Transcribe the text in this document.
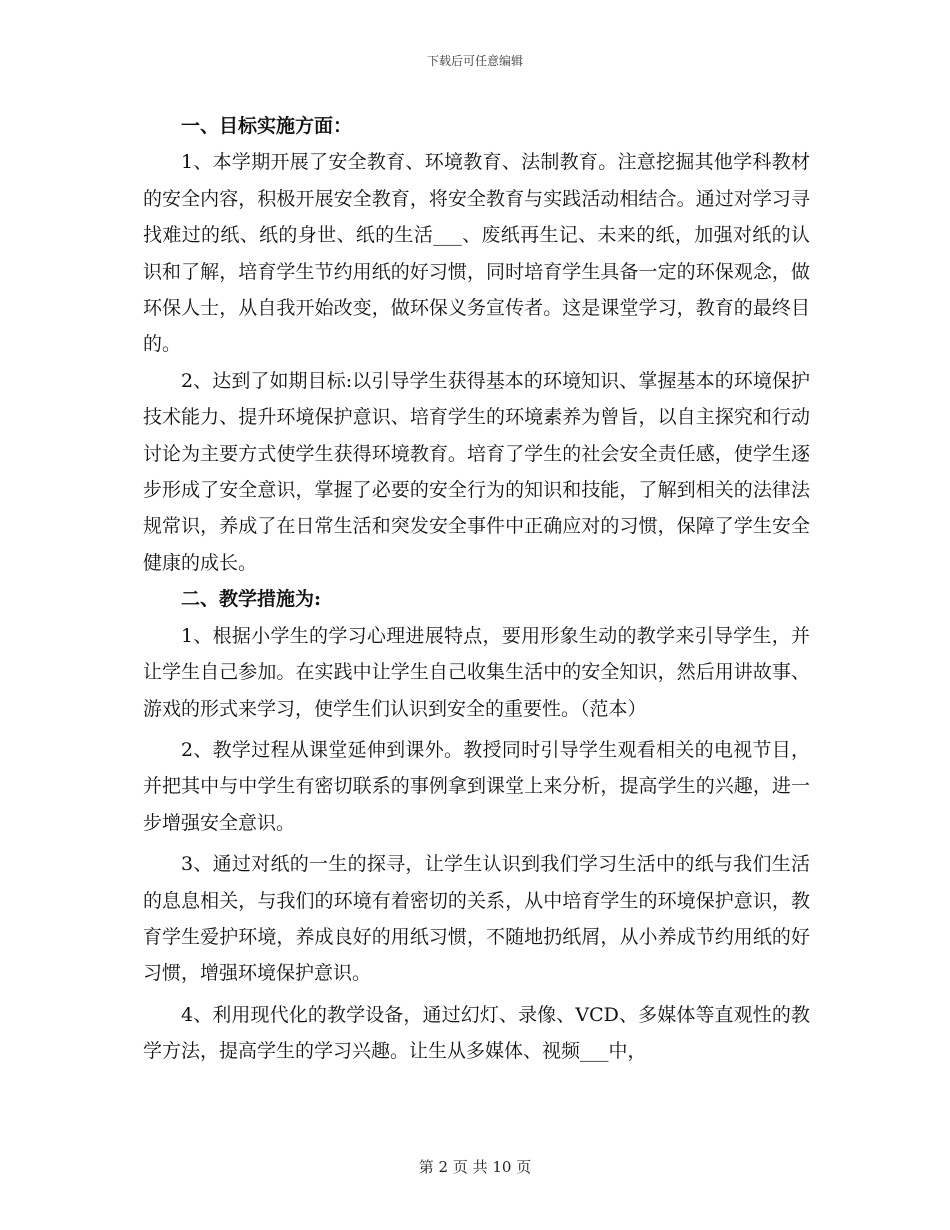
下载后可任意编辑

一、目标实施方面：

1、本学期开展了安全教育、环境教育、法制教育。注意挖掘其他学科教材的安全内容，积极开展安全教育，将安全教育与实践活动相结合。通过对学习寻找难过的纸、纸的身世、纸的生活___、废纸再生记、未来的纸，加强对纸的认识和了解，培育学生节约用纸的好习惯，同时培育学生具备一定的环保观念，做环保人士，从自我开始改变，做环保义务宣传者。这是课堂学习，教育的最终目的。

2、达到了如期目标:以引导学生获得基本的环境知识、掌握基本的环境保护技术能力、提升环境保护意识、培育学生的环境素养为曾旨，以自主探究和行动讨论为主要方式使学生获得环境教育。培育了学生的社会安全责任感，使学生逐步形成了安全意识，掌握了必要的安全行为的知识和技能，了解到相关的法律法规常识，养成了在日常生活和突发安全事件中正确应对的习惯，保障了学生安全健康的成长。

二、教学措施为:

1、根据小学生的学习心理进展特点，要用形象生动的教学来引导学生，并让学生自己参加。在实践中让学生自己收集生活中的安全知识，然后用讲故事、游戏的形式来学习，使学生们认识到安全的重要性。（范本）

2、教学过程从课堂延伸到课外。教授同时引导学生观看相关的电视节目，并把其中与中学生有密切联系的事例拿到课堂上来分析，提高学生的兴趣，进一步增强安全意识。

3、通过对纸的一生的探寻，让学生认识到我们学习生活中的纸与我们生活的息息相关，与我们的环境有着密切的关系，从中培育学生的环境保护意识，教育学生爱护环境，养成良好的用纸习惯，不随地扔纸屑，从小养成节约用纸的好习惯，增强环境保护意识。

4、利用现代化的教学设备，通过幻灯、录像、VCD、多媒体等直观性的教学方法，提高学生的学习兴趣。让生从多媒体、视频___中，

第 2 页 共 10 页
